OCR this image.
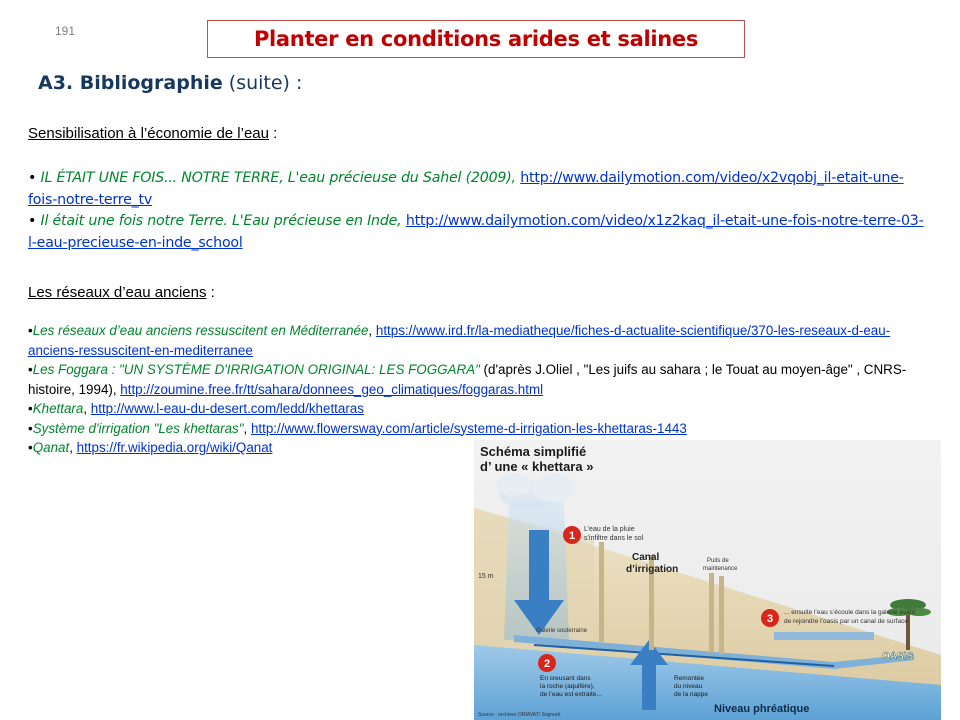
191	Planter en conditions arides et salines
A3. Bibliographie (suite) :
Sensibilisation à l’économie de l’eau :

• IL ÉTAIT UNE FOIS... NOTRE TERRE, L'eau précieuse du Sahel (2009), http://www.dailymotion.com/video/x2vqobj_il-etait-une-fois-notre-terre_tv

• Il était une fois notre Terre. L'Eau précieuse en Inde, http://www.dailymotion.com/video/x1z2kaq_il-etait-une-fois-notre-terre-03-l-eau-precieuse-en-inde_school

Les réseaux d’eau anciens :

•Les réseaux d’eau anciens ressuscitent en Méditerranée, https://www.ird.fr/la-mediatheque/fiches-d-actualite-scientifique/370-les-reseaux-d-eau-anciens-ressuscitent-en-mediterranee

•Les Foggara : "UN SYSTÈME D'IRRIGATION ORIGINAL: LES FOGGARA" (d'après J.Oliel , "Les juifs au sahara ; le Touat au moyen-âge" , CNRS-histoire, 1994), http://zoumine.free.fr/tt/sahara/donnees_geo_climatiques/foggaras.html

•Khettara, http://www.l-eau-du-desert.com/ledd/khettaras

•Système d'irrigation "Les khettaras", http://www.flowersway.com/article/systeme-d-irrigation-les-khettaras-1443

•Qanat, https://fr.wikipedia.org/wiki/Qanat	Schéma simplifié
d’ une « khettara »
1
L’eau de la pluie
s’infiltre dans le sol
Canal
d’irrigation
Puits de
maintenance
3
... ensuite l’eau s’écoule dans la galerie avant
de rejoindre l’oasis par un canal de surface
15 m
Galerie souterraine
2
En creusant dans
la roche (aquifère),
de l’eau est extraite...
Remontée
du niveau
de la nappe
OASIS
Niveau phréatique
Source : archives ORMVAT/ Sogreah
